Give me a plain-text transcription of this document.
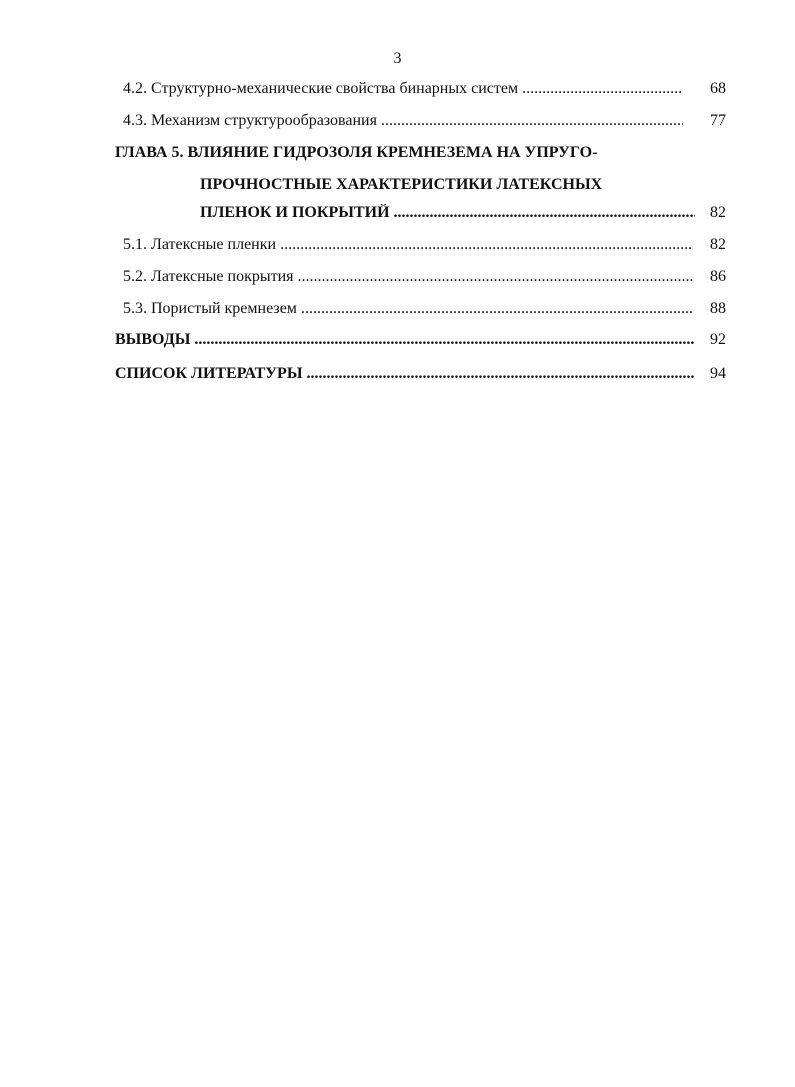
3
4.2. Структурно-механические свойства бинарных систем .....	68
4.3. Механизм структурообразования .....	77
ГЛАВА 5. ВЛИЯНИЕ ГИДРОЗОЛЯ КРЕМНЕЗЕМА НА УПРУГО-
ПРОЧНОСТНЫЕ ХАРАКТЕРИСТИКИ ЛАТЕКСНЫХ
ПЛЕНОК И ПОКРЫТИЙ .....	82
5.1. Латексные пленки .....	82
5.2. Латексные покрытия .....	86
5.3. Пористый кремнезем .....	88
ВЫВОДЫ .....	92
СПИСОК ЛИТЕРАТУРЫ .....	94
